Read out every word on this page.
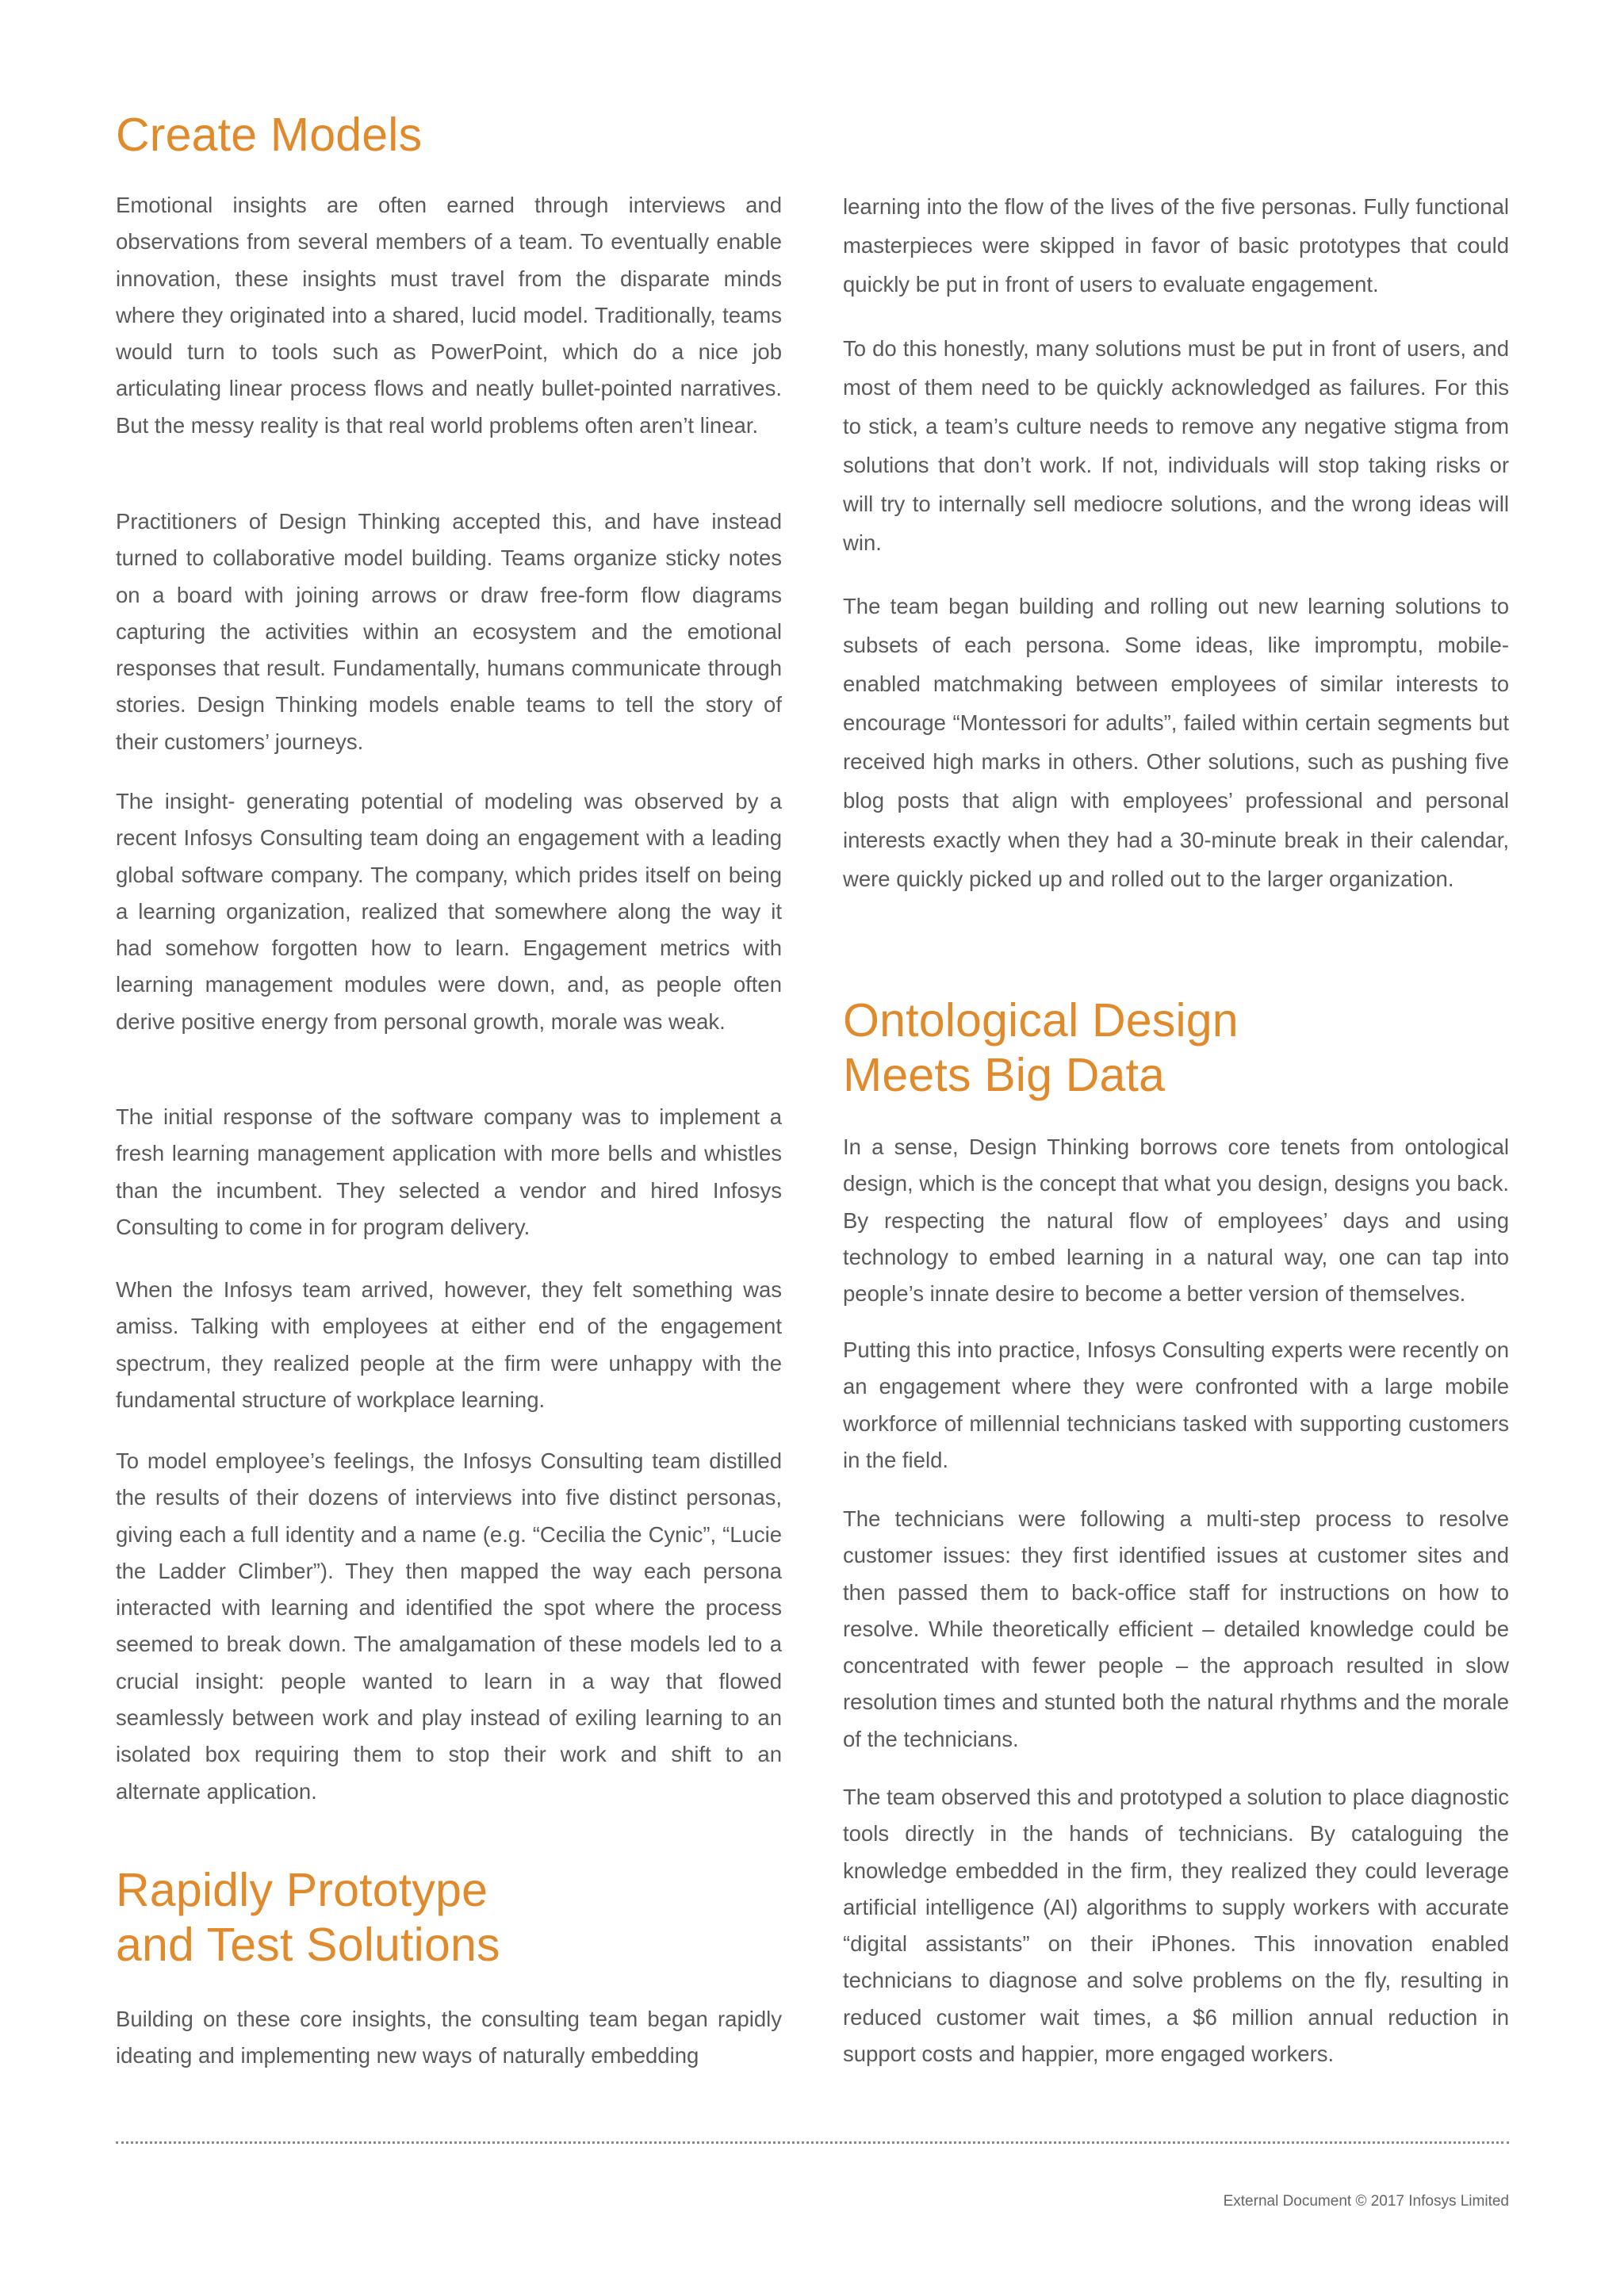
Create Models

Emotional insights are often earned through interviews and observations from several members of a team. To eventually enable innovation, these insights must travel from the disparate minds where they originated into a shared, lucid model. Traditionally, teams would turn to tools such as PowerPoint, which do a nice job articulating linear process flows and neatly bullet-pointed narratives. But the messy reality is that real world problems often aren’t linear.

Practitioners of Design Thinking accepted this, and have instead turned to collaborative model building. Teams organize sticky notes on a board with joining arrows or draw free-form flow diagrams capturing the activities within an ecosystem and the emotional responses that result. Fundamentally, humans communicate through stories. Design Thinking models enable teams to tell the story of their customers’ journeys.

The insight- generating potential of modeling was observed by a recent Infosys Consulting team doing an engagement with a leading global software company. The company, which prides itself on being a learning organization, realized that somewhere along the way it had somehow forgotten how to learn. Engagement metrics with learning management modules were down, and, as people often derive positive energy from personal growth, morale was weak.

The initial response of the software company was to implement a fresh learning management application with more bells and whistles than the incumbent. They selected a vendor and hired Infosys Consulting to come in for program delivery.

When the Infosys team arrived, however, they felt something was amiss. Talking with employees at either end of the engagement spectrum, they realized people at the firm were unhappy with the fundamental structure of workplace learning.

To model employee’s feelings, the Infosys Consulting team distilled the results of their dozens of interviews into five distinct personas, giving each a full identity and a name (e.g. “Cecilia the Cynic”, “Lucie the Ladder Climber”). They then mapped the way each persona interacted with learning and identified the spot where the process seemed to break down. The amalgamation of these models led to a crucial insight: people wanted to learn in a way that flowed seamlessly between work and play instead of exiling learning to an isolated box requiring them to stop their work and shift to an alternate application.

Rapidly Prototype
and Test Solutions

Building on these core insights, the consulting team began rapidly ideating and implementing new ways of naturally embedding

learning into the flow of the lives of the five personas. Fully functional masterpieces were skipped in favor of basic prototypes that could quickly be put in front of users to evaluate engagement.

To do this honestly, many solutions must be put in front of users, and most of them need to be quickly acknowledged as failures. For this to stick, a team’s culture needs to remove any negative stigma from solutions that don’t work. If not, individuals will stop taking risks or will try to internally sell mediocre solutions, and the wrong ideas will win.

The team began building and rolling out new learning solutions to subsets of each persona. Some ideas, like impromptu, mobile-enabled matchmaking between employees of similar interests to encourage “Montessori for adults”, failed within certain segments but received high marks in others. Other solutions, such as pushing five blog posts that align with employees’ professional and personal interests exactly when they had a 30-minute break in their calendar, were quickly picked up and rolled out to the larger organization.

Ontological Design
Meets Big Data

In a sense, Design Thinking borrows core tenets from ontological design, which is the concept that what you design, designs you back. By respecting the natural flow of employees’ days and using technology to embed learning in a natural way, one can tap into people’s innate desire to become a better version of themselves.

Putting this into practice, Infosys Consulting experts were recently on an engagement where they were confronted with a large mobile workforce of millennial technicians tasked with supporting customers in the field.

The technicians were following a multi-step process to resolve customer issues: they first identified issues at customer sites and then passed them to back-office staff for instructions on how to resolve. While theoretically efficient – detailed knowledge could be concentrated with fewer people – the approach resulted in slow resolution times and stunted both the natural rhythms and the morale of the technicians.

The team observed this and prototyped a solution to place diagnostic tools directly in the hands of technicians. By cataloguing the knowledge embedded in the firm, they realized they could leverage artificial intelligence (AI) algorithms to supply workers with accurate “digital assistants” on their iPhones. This innovation enabled technicians to diagnose and solve problems on the fly, resulting in reduced customer wait times, a $6 million annual reduction in support costs and happier, more engaged workers.

External Document © 2017 Infosys Limited
